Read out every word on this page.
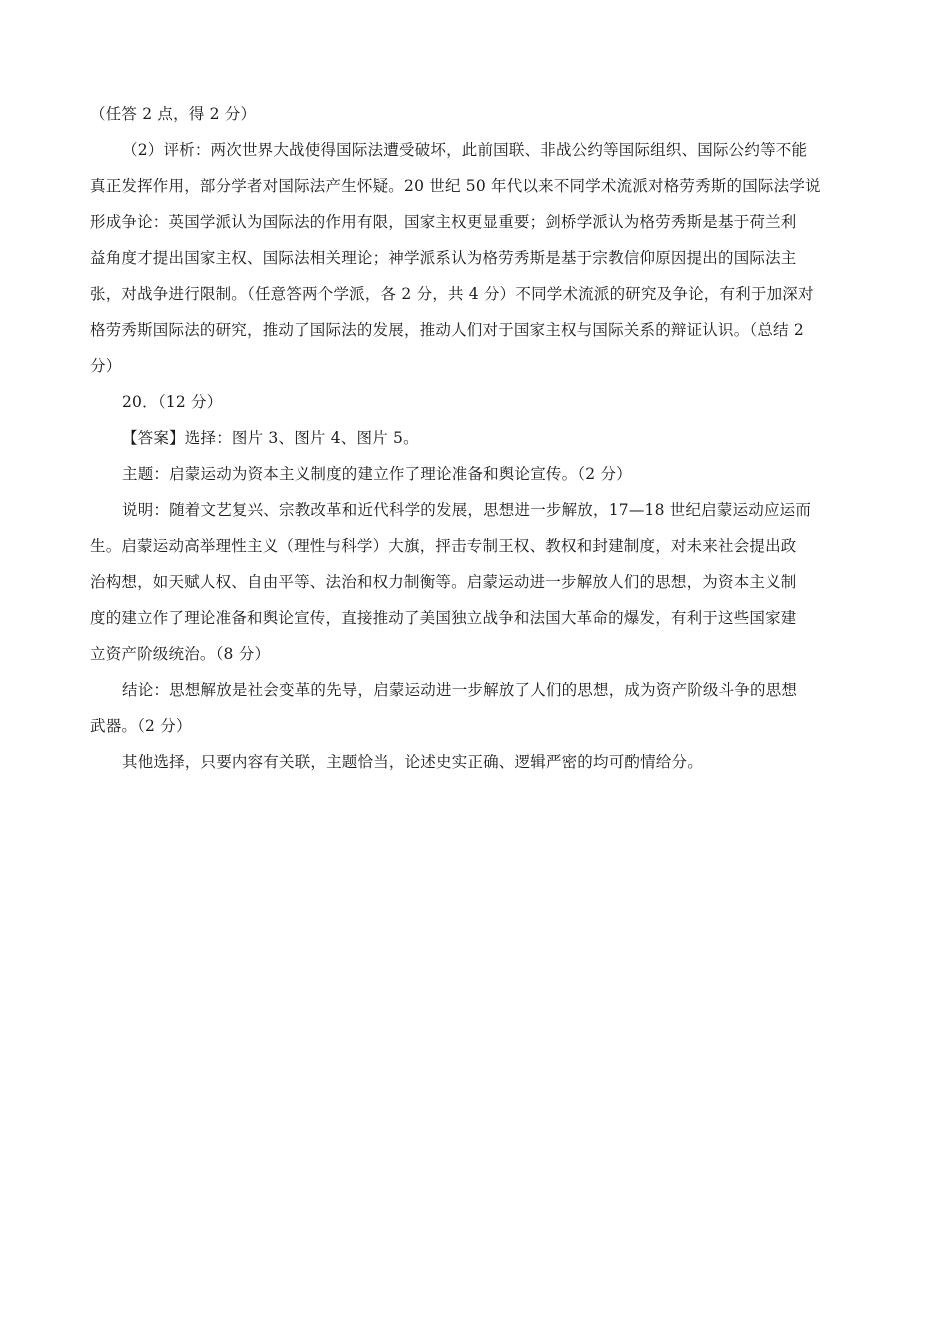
（任答 2 点，得 2 分）
（2）评析：两次世界大战使得国际法遭受破坏，此前国联、非战公约等国际组织、国际公约等不能
真正发挥作用，部分学者对国际法产生怀疑。20 世纪 50 年代以来不同学术流派对格劳秀斯的国际法学说
形成争论：英国学派认为国际法的作用有限，国家主权更显重要；剑桥学派认为格劳秀斯是基于荷兰利
益角度才提出国家主权、国际法相关理论；神学派系认为格劳秀斯是基于宗教信仰原因提出的国际法主
张，对战争进行限制。（任意答两个学派，各 2 分，共 4 分）不同学术流派的研究及争论，有利于加深对
格劳秀斯国际法的研究，推动了国际法的发展，推动人们对于国家主权与国际关系的辩证认识。（总结 2
分）
20．（12 分）
【答案】选择：图片 3、图片 4、图片 5。
主题：启蒙运动为资本主义制度的建立作了理论准备和舆论宣传。（2 分）
说明：随着文艺复兴、宗教改革和近代科学的发展，思想进一步解放，17—18 世纪启蒙运动应运而
生。启蒙运动高举理性主义（理性与科学）大旗，抨击专制王权、教权和封建制度，对未来社会提出政
治构想，如天赋人权、自由平等、法治和权力制衡等。启蒙运动进一步解放人们的思想，为资本主义制
度的建立作了理论准备和舆论宣传，直接推动了美国独立战争和法国大革命的爆发，有利于这些国家建
立资产阶级统治。（8 分）
结论：思想解放是社会变革的先导，启蒙运动进一步解放了人们的思想，成为资产阶级斗争的思想
武器。（2 分）
其他选择，只要内容有关联，主题恰当，论述史实正确、逻辑严密的均可酌情给分。
